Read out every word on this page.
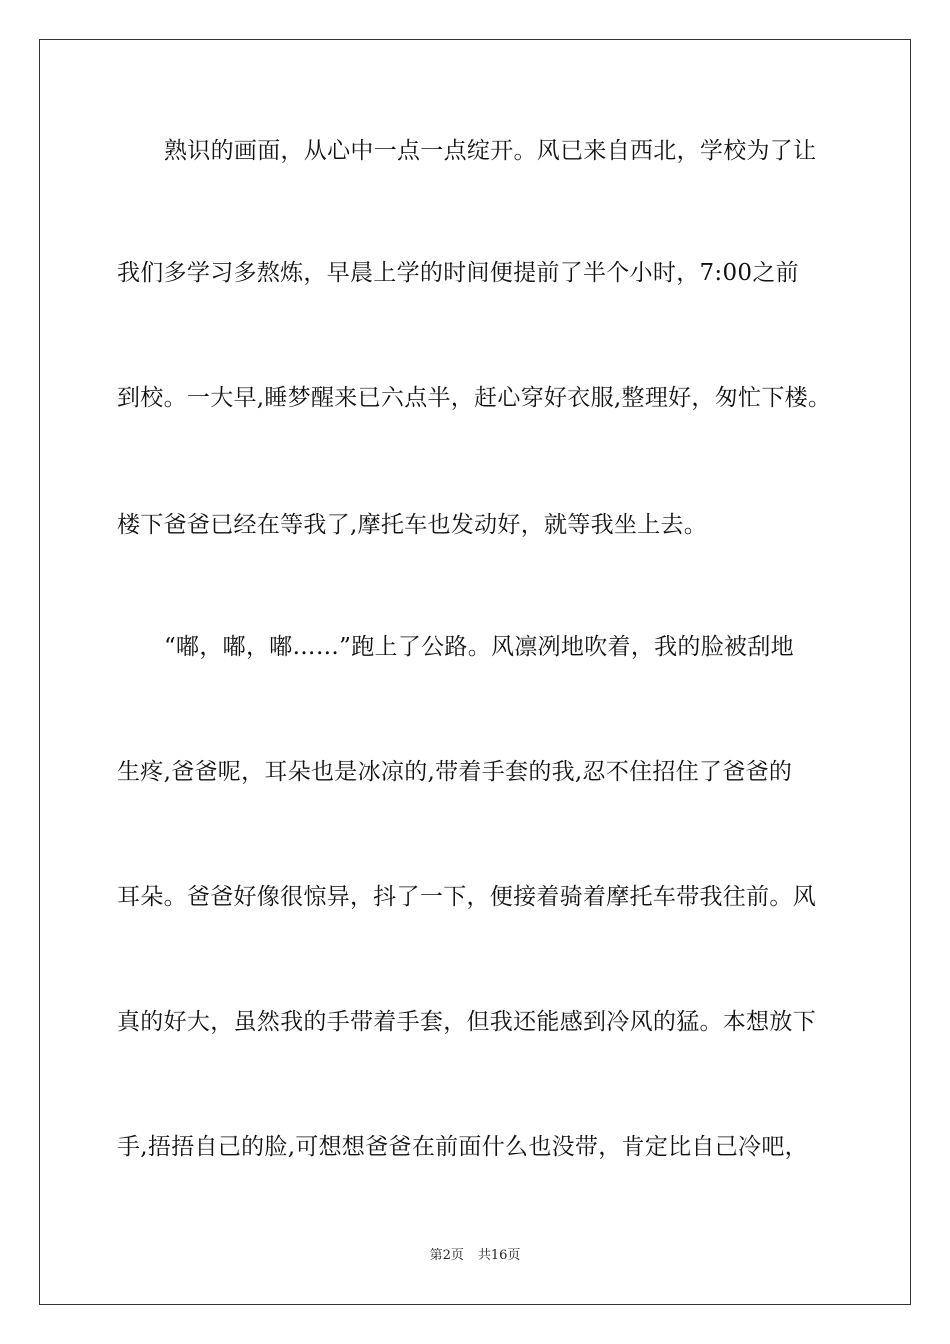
熟识的画面，从心中一点一点绽开。风已来自西北，学校为了让
我们多学习多熬炼，早晨上学的时间便提前了半个小时，7:00之前
到校。一大早,睡梦醒来已六点半，赶心穿好衣服,整理好，匆忙下楼。
楼下爸爸已经在等我了,摩托车也发动好，就等我坐上去。
“嘟，嘟，嘟……”跑上了公路。风凛冽地吹着，我的脸被刮地
生疼,爸爸呢，耳朵也是冰凉的,带着手套的我,忍不住招住了爸爸的
耳朵。爸爸好像很惊异，抖了一下，便接着骑着摩托车带我往前。风
真的好大，虽然我的手带着手套，但我还能感到冷风的猛。本想放下
手,捂捂自己的脸,可想想爸爸在前面什么也没带，肯定比自己冷吧，
第2页 共16页
